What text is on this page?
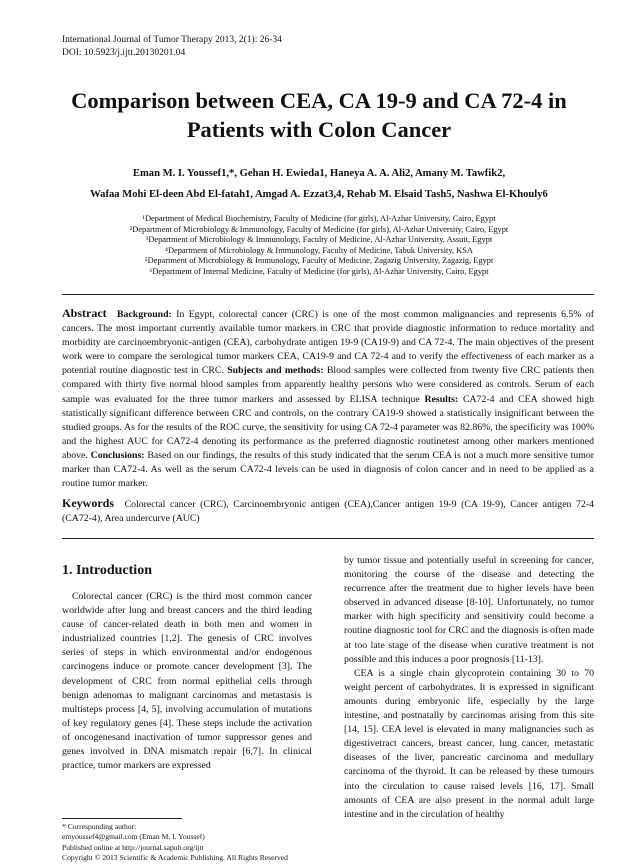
International Journal of Tumor Therapy 2013, 2(1): 26-34
DOI: 10.5923/j.ijtt.20130201.04
Comparison between CEA, CA 19-9 and CA 72-4 in
Patients with Colon Cancer
Eman M. I. Youssef1,*, Gehan H. Ewieda1, Haneya A. A. Ali2, Amany M. Tawfik2,
Wafaa Mohi El-deen Abd El-fatah1, Amgad A. Ezzat3,4, Rehab M. Elsaid Tash5, Nashwa El-Khouly6
¹Department of Medical Biochemistry, Faculty of Medicine (for girls), Al-Azhar University, Cairo, Egypt
²Department of Microbiology & Immunology, Faculty of Medicine (for girls), Al-Azhar University, Cairo, Egypt
³Department of Microbiology & Immunology, Faculty of Medicine, Al-Azhar University, Assuit, Egypt
⁴Department of Microbiology & Immunology, Faculty of Medicine, Tabuk University, KSA
⁵Department of Microbiology & Immunology, Faculty of Medicine, Zagazig University, Zagazig, Egypt
⁶Department of Internal Medicine, Faculty of Medicine (for girls), Al-Azhar University, Cairo, Egypt
Abstract Background: In Egypt, colorectal cancer (CRC) is one of the most common malignancies and represents 6.5% of cancers. The most important currently available tumor markers in CRC that provide diagnostic information to reduce mortality and morbidity are carcinoembryonic-antigen (CEA), carbohydrate antigen 19-9 (CA19-9) and CA 72-4. The main objectives of the present work were to compare the serological tumor markers CEA, CA19-9 and CA 72-4 and to verify the effectiveness of each marker as a potential routine diagnostic test in CRC. Subjects and methods: Blood samples were collected from twenty five CRC patients then compared with thirty five normal blood samples from apparently healthy persons who were considered as controls. Serum of each sample was evaluated for the three tumor markers and assessed by ELISA technique Results: CA72-4 and CEA showed high statistically significant difference between CRC and controls, on the contrary CA19-9 showed a statistically insignificant between the studied groups. As for the results of the ROC curve, the sensitivity for using CA 72-4 parameter was 82.86%, the specificity was 100% and the highest AUC for CA72-4 denoting its performance as the preferred diagnostic routinetest among other markers mentioned above. Conclusions: Based on our findings, the results of this study indicated that the serum CEA is not a much more sensitive tumor marker than CA72-4. As well as the serum CA72-4 levels can be used in diagnosis of colon cancer and in need to be applied as a routine tumor marker.
Keywords Colorectal cancer (CRC), Carcinoembryonic antigen (CEA),Cancer antigen 19-9 (CA 19-9), Cancer antigen 72-4 (CA72-4), Area undercurve (AUC)
1. Introduction

Colorectal cancer (CRC) is the third most common cancer worldwide after lung and breast cancers and the third leading cause of cancer-related death in both men and women in industrialized countries [1,2]. The genesis of CRC involves series of steps in which environmental and/or endogenous carcinogens induce or promote cancer development [3]. The development of CRC from normal epithelial cells through benign adenomas to malignant carcinomas and metastasis is multisteps process [4, 5], involving accumulation of mutations of key regulatory genes [4]. These steps include the activation of oncogenesand inactivation of tumor suppressor genes and genes involved in DNA mismatch repair [6,7]. In clinical practice, tumor markers are expressed

by tumor tissue and potentially useful in screening for cancer, monitoring the course of the disease and detecting the recurrence after the treatment due to higher levels have been observed in advanced disease [8-10]. Unfortunately, no tumor marker with high specificity and sensitivity could become a routine diagnostic tool for CRC and the diagnosis is often made at too late stage of the disease when curative treatment is not possible and this induces a poor prognosis [11-13].

CEA is a single chain glycoprotein containing 30 to 70 weight percent of carbohydrates. It is expressed in significant amounts during embryonic life, especially by the large intestine, and postnatally by carcinomas arising from this site [14, 15]. CEA level is elevated in many malignancies such as digestivetract cancers, breast cancer, lung cancer, metastatic diseases of the liver, pancreatic carcinoma and medullary carcinoma of the thyroid. It can be released by these tumours into the circulation to cause raised levels [16, 17]. Small amounts of CEA are also present in the normal adult large intestine and in the circulation of healthy

* Corresponding author:
emyoussef4@gmail.com (Eman M. I. Youssef)
Published online at http://journal.sapub.org/ijtt
Copyright © 2013 Scientific & Academic Publishing. All Rights Reserved
